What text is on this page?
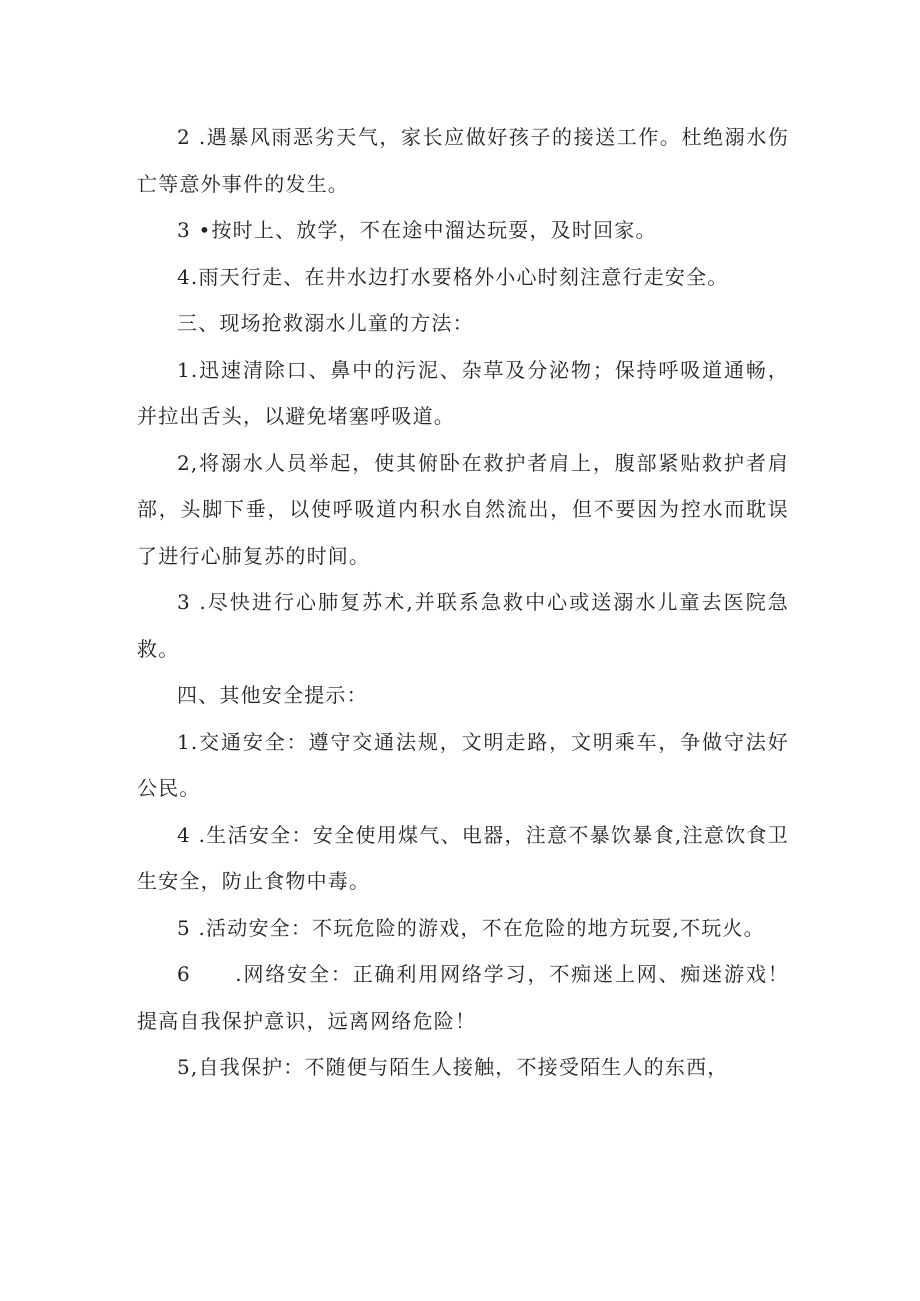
2 .遇暴风雨恶劣天气，家长应做好孩子的接送工作。杜绝溺水伤亡等意外事件的发生。

3 •按时上、放学，不在途中溜达玩耍，及时回家。

4.雨天行走、在井水边打水要格外小心时刻注意行走安全。

三、现场抢救溺水儿童的方法：

1.迅速清除口、鼻中的污泥、杂草及分泌物；保持呼吸道通畅，并拉出舌头，以避免堵塞呼吸道。

2,将溺水人员举起，使其俯卧在救护者肩上，腹部紧贴救护者肩部，头脚下垂，以使呼吸道内积水自然流出，但不要因为控水而耽误了进行心肺复苏的时间。

3 .尽快进行心肺复苏术,并联系急救中心或送溺水儿童去医院急救。

四、其他安全提示：

1.交通安全：遵守交通法规，文明走路，文明乘车，争做守法好公民。

4 .生活安全：安全使用煤气、电器，注意不暴饮暴食,注意饮食卫生安全，防止食物中毒。

5 .活动安全：不玩危险的游戏，不在危险的地方玩耍,不玩火。

6　　.网络安全：正确利用网络学习，不痴迷上网、痴迷游戏！提高自我保护意识，远离网络危险！

5,自我保护：不随便与陌生人接触，不接受陌生人的东西，
